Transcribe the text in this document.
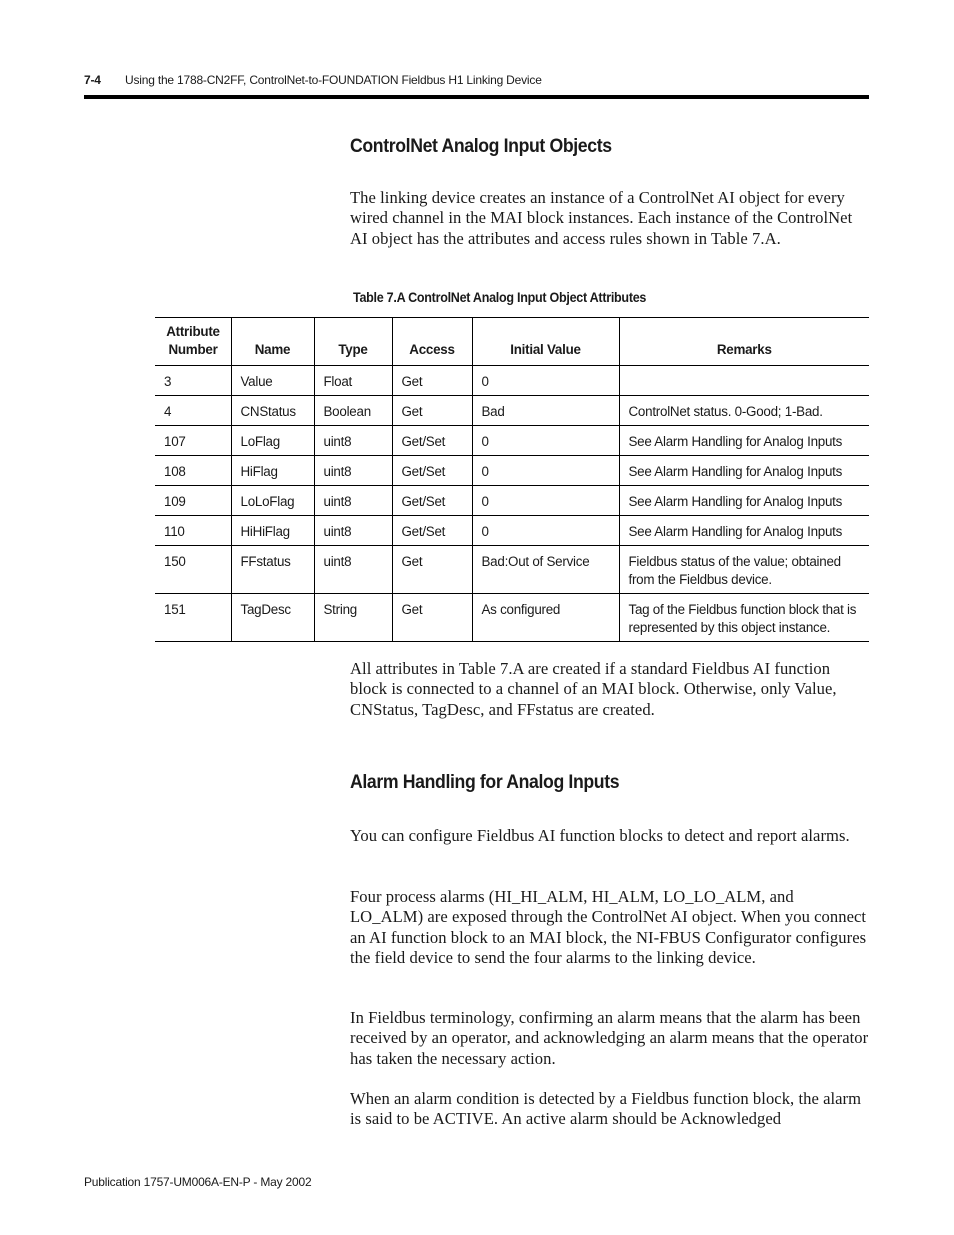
7-4 Using the 1788-CN2FF, ControlNet-to-FOUNDATION Fieldbus H1 Linking Device
ControlNet Analog Input Objects

The linking device creates an instance of a ControlNet AI object for every wired channel in the MAI block instances. Each instance of the ControlNet AI object has the attributes and access rules shown in Table 7.A.

Table 7.A ControlNet Analog Input Object Attributes
Attribute Number	Name	Type	Access	Initial Value	Remarks
3	Value	Float	Get	0	
4	CNStatus	Boolean	Get	Bad	ControlNet status. 0-Good; 1-Bad.
107	LoFlag	uint8	Get/Set	0	See Alarm Handling for Analog Inputs
108	HiFlag	uint8	Get/Set	0	See Alarm Handling for Analog Inputs
109	LoLoFlag	uint8	Get/Set	0	See Alarm Handling for Analog Inputs
110	HiHiFlag	uint8	Get/Set	0	See Alarm Handling for Analog Inputs
150	FFstatus	uint8	Get	Bad:Out of Service	Fieldbus status of the value; obtained from the Fieldbus device.
151	TagDesc	String	Get	As configured	Tag of the Fieldbus function block that is represented by this object instance.

All attributes in Table 7.A are created if a standard Fieldbus AI function block is connected to a channel of an MAI block. Otherwise, only Value, CNStatus, TagDesc, and FFstatus are created.

Alarm Handling for Analog Inputs

You can configure Fieldbus AI function blocks to detect and report alarms.

Four process alarms (HI_HI_ALM, HI_ALM, LO_LO_ALM, and LO_ALM) are exposed through the ControlNet AI object. When you connect an AI function block to an MAI block, the NI-FBUS Configurator configures the field device to send the four alarms to the linking device.

In Fieldbus terminology, confirming an alarm means that the alarm has been received by an operator, and acknowledging an alarm means that the operator has taken the necessary action.

When an alarm condition is detected by a Fieldbus function block, the alarm is said to be ACTIVE. An active alarm should be Acknowledged

Publication 1757-UM006A-EN-P - May 2002
